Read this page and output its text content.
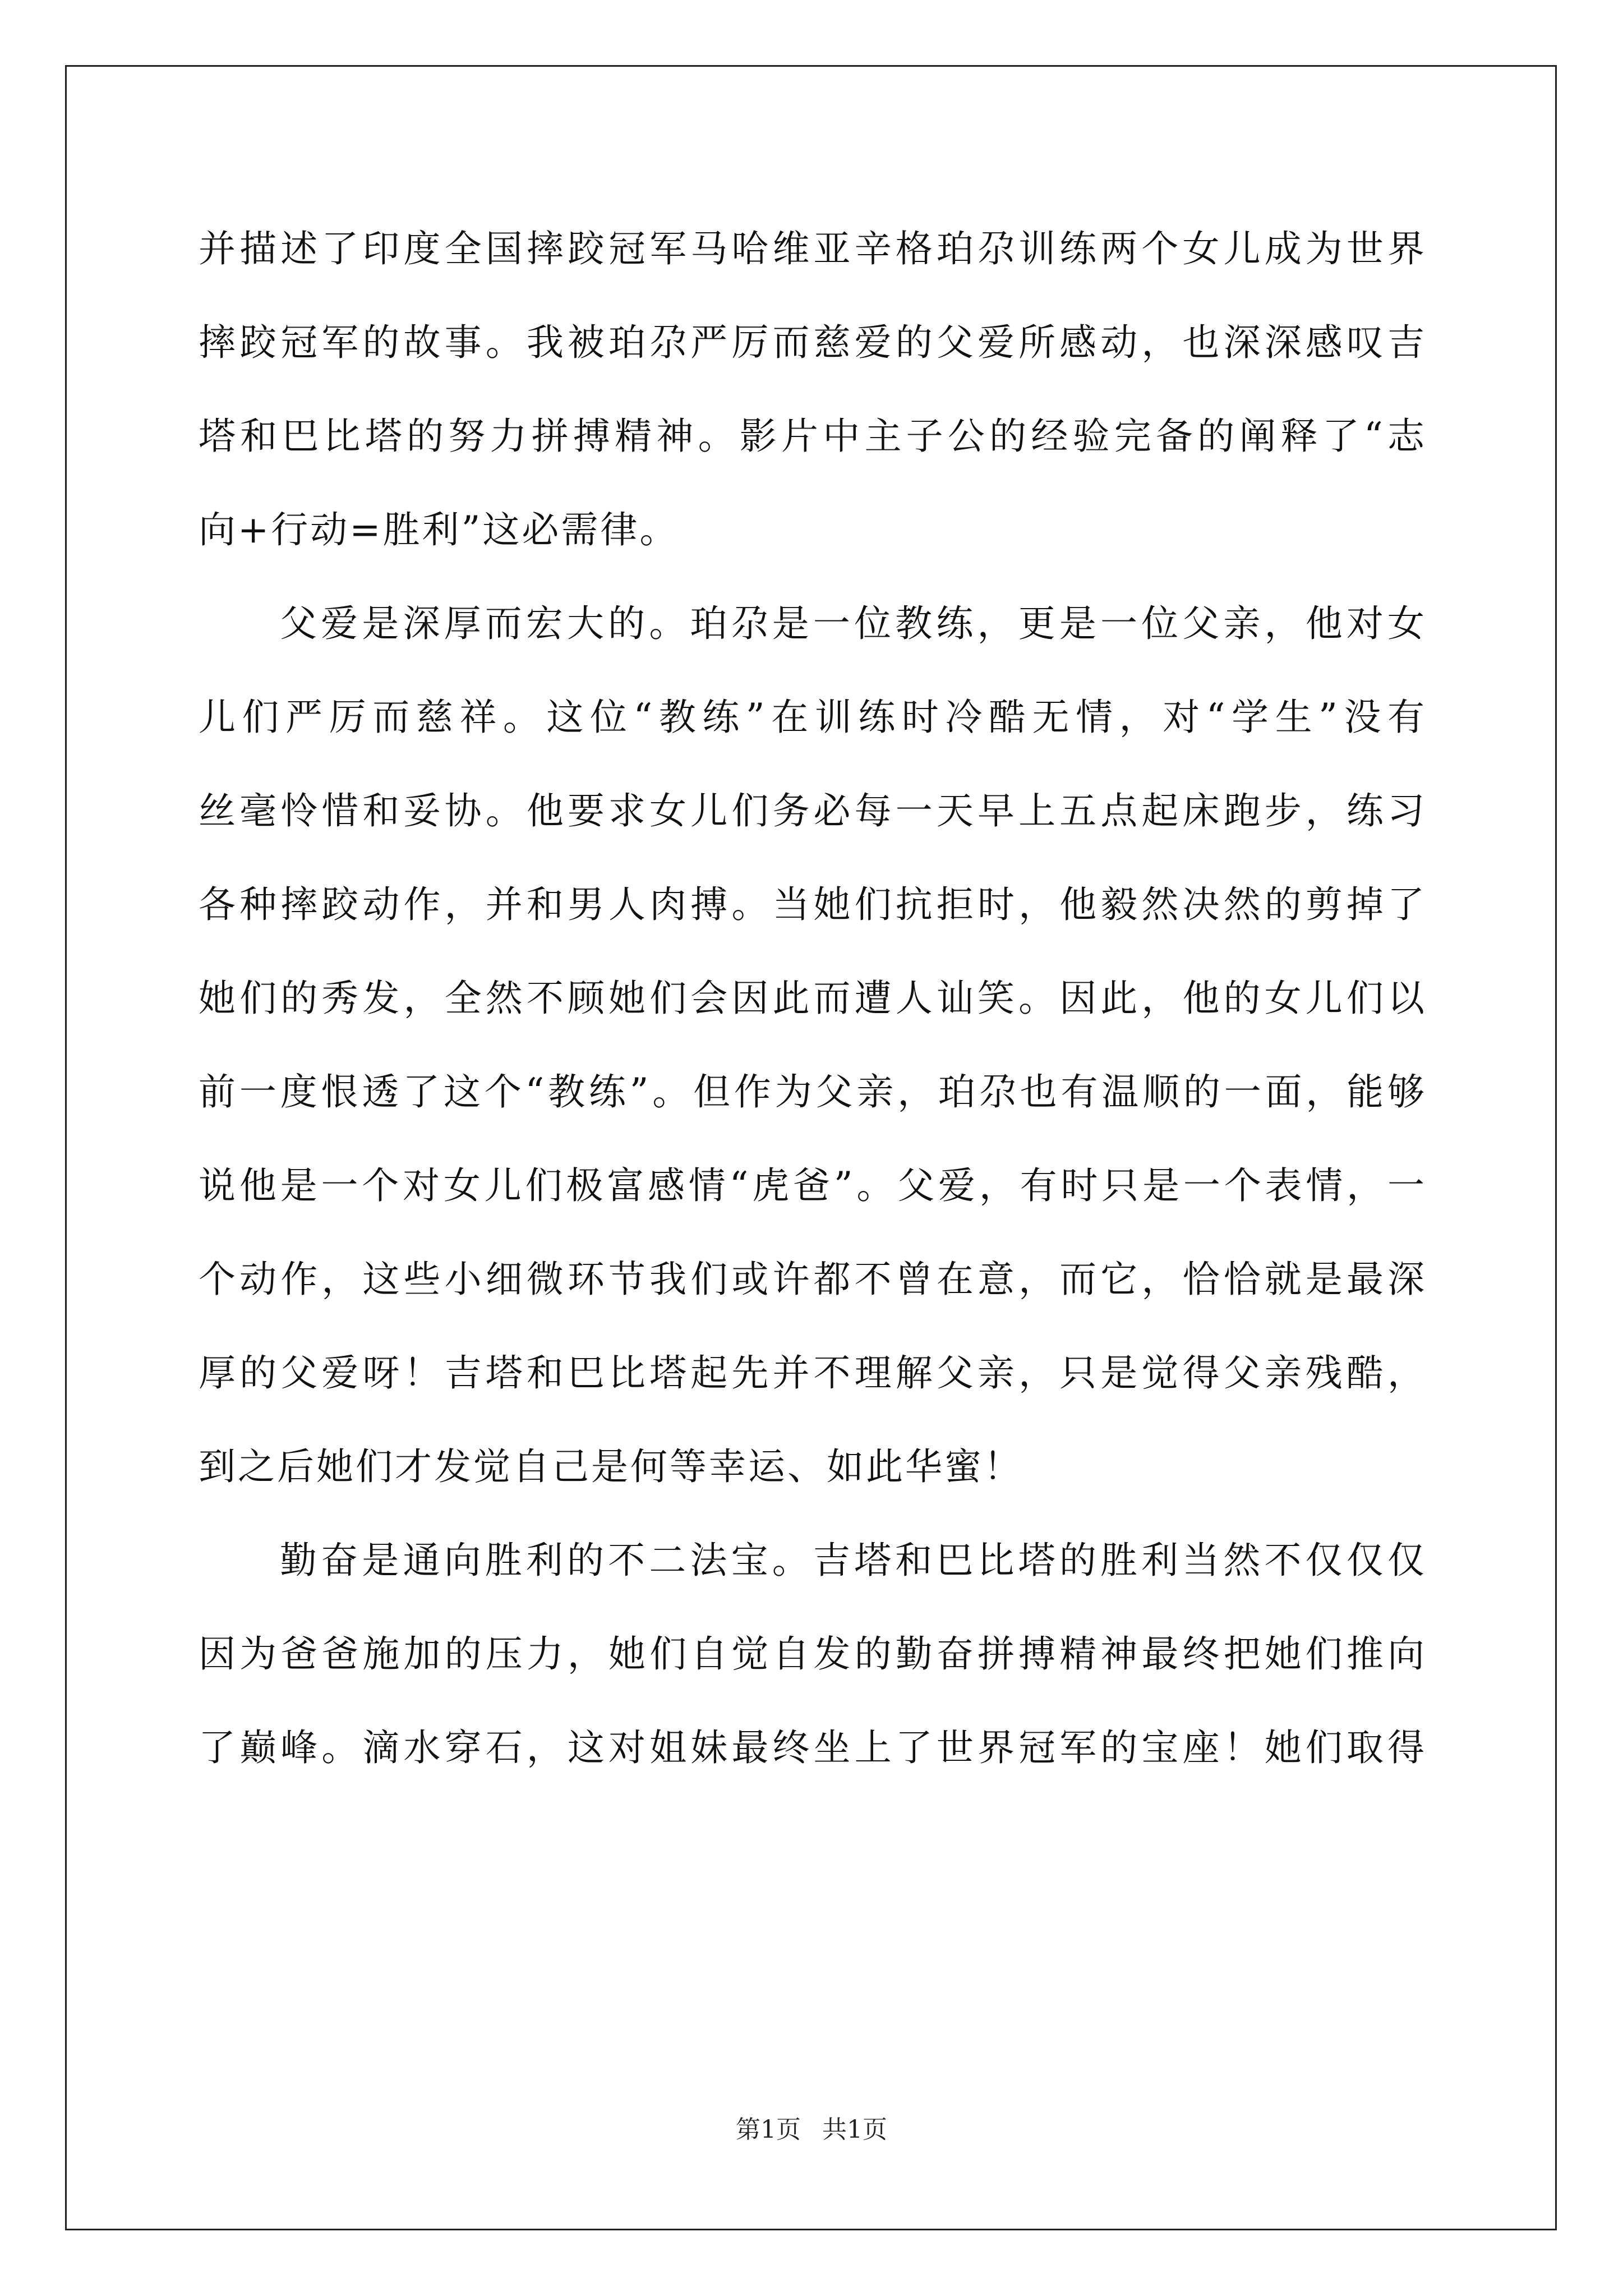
并描述了印度全国摔跤冠军马哈维亚辛格珀尕训练两个女儿成为世界
摔跤冠军的故事。我被珀尕严厉而慈爱的父爱所感动，也深深感叹吉
塔和巴比塔的努力拼搏精神。影片中主子公的经验完备的阐释了“志
向+行动=胜利”这必需律。
父爱是深厚而宏大的。珀尕是一位教练，更是一位父亲，他对女
儿们严厉而慈祥。这位“教练”在训练时冷酷无情，对“学生”没有
丝毫怜惜和妥协。他要求女儿们务必每一天早上五点起床跑步，练习
各种摔跤动作，并和男人肉搏。当她们抗拒时，他毅然决然的剪掉了
她们的秀发，全然不顾她们会因此而遭人讪笑。因此，他的女儿们以
前一度恨透了这个“教练”。但作为父亲，珀尕也有温顺的一面，能够
说他是一个对女儿们极富感情“虎爸”。父爱，有时只是一个表情，一
个动作，这些小细微环节我们或许都不曾在意，而它，恰恰就是最深
厚的父爱呀！吉塔和巴比塔起先并不理解父亲，只是觉得父亲残酷，
到之后她们才发觉自己是何等幸运、如此华蜜！
勤奋是通向胜利的不二法宝。吉塔和巴比塔的胜利当然不仅仅仅
因为爸爸施加的压力，她们自觉自发的勤奋拼搏精神最终把她们推向
了巅峰。滴水穿石，这对姐妹最终坐上了世界冠军的宝座！她们取得
第1页 共1页
